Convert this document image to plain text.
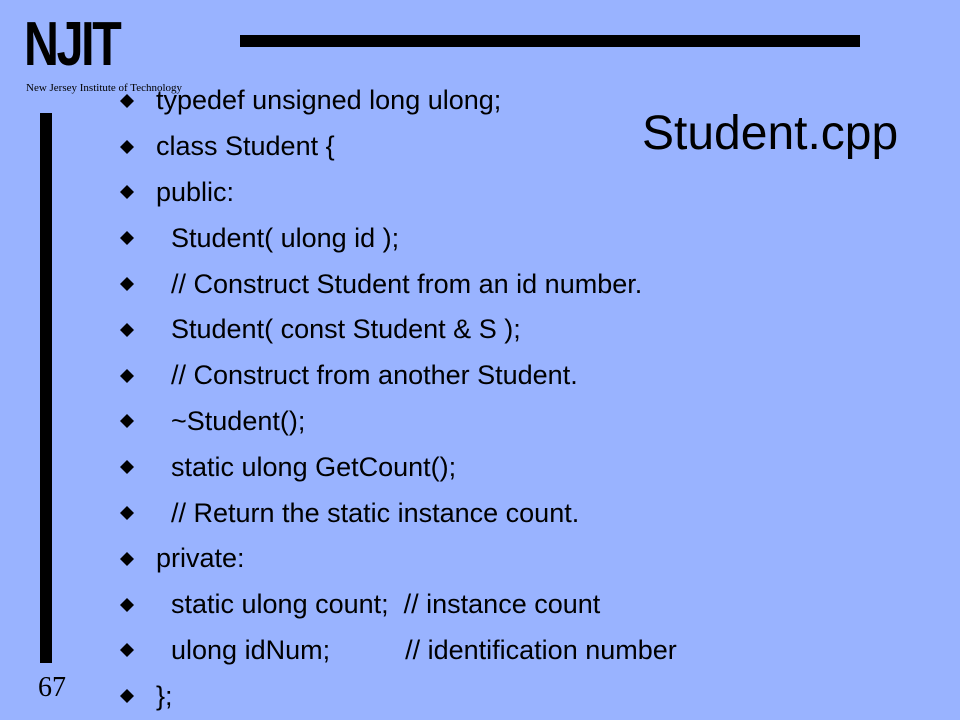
NJIT
New Jersey Institute of Technology
Student.cpp
typedef unsigned long ulong;
class Student {
public:
Student( ulong id );
// Construct Student from an id number.
Student( const Student & S );
// Construct from another Student.
~Student();
static ulong GetCount();
// Return the static instance count.
private:
static ulong count;  // instance count
ulong idNum;          // identification number
};
67
